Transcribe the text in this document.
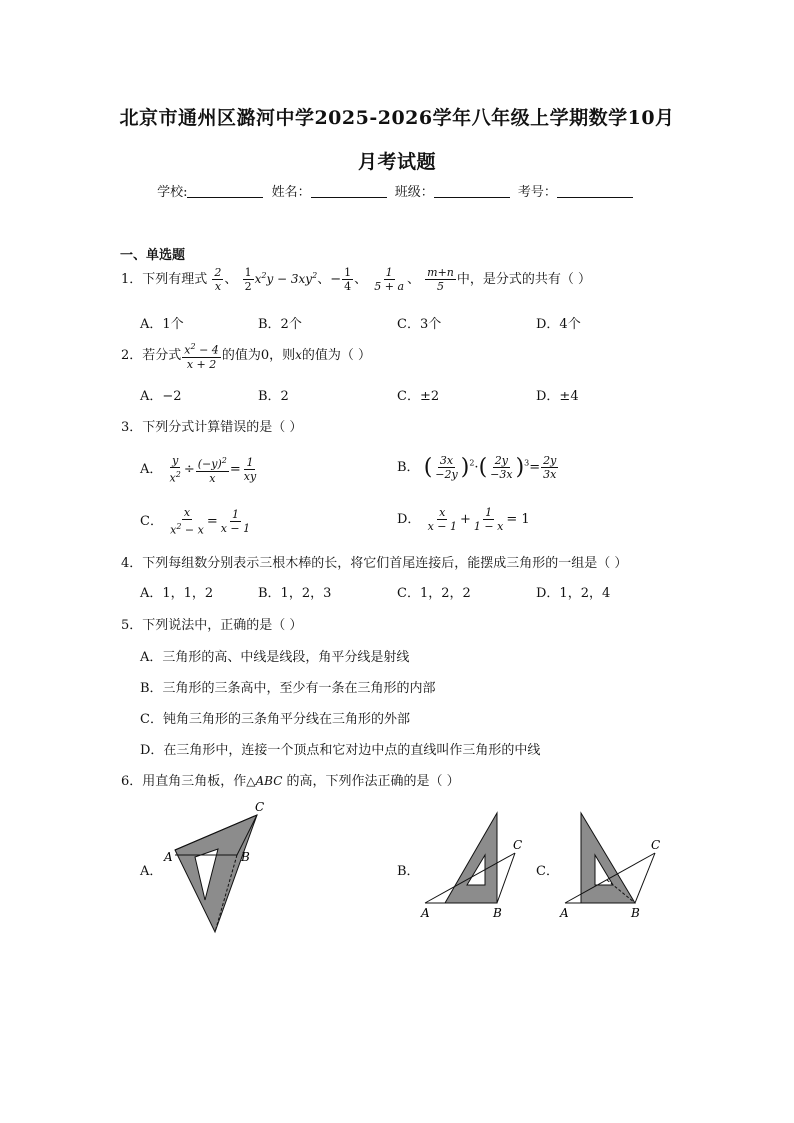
北京市通州区潞河中学2025-2026学年八年级上学期数学10月
月考试题
学校:	姓名：	班级：	考号：
一、单选题
1．下列有理式 $\frac{2}{x}$ 、 $\frac{1}{2} x^2y - 3xy^2$、− $\frac{1}{4}$ 、 $\frac{1}{5 + a}$ 、 $\frac{m+n}{5}$ 中，是分式的共有（ ）
A．1个	B．2个	C．3个	D．4个
2．若分式 $\frac{x^2 - 4}{x + 2}$ 的值为0，则x的值为（ ）
A．−2	B．2	C．±2	D．±4
3．下列分式计算错误的是（ ）
A． $\frac{y}{x^2} \div \frac{(-y)^2}{x} = \frac{1}{xy}$	B． ( $\frac{3x}{-2y} )^2\cdot( \frac{2y}{-3x} )^3= \frac{2y}{3x}$
C． $\frac{x}{x^2 - x} = \frac{1}{x - 1}$	D． $\frac{x}{x - 1} + \frac{1}{1 - x} = 1$
4．下列每组数分别表示三根木棒的长，将它们首尾连接后，能摆成三角形的一组是（ ）
A．1，1，2	B．1，2，3	C．1，2，2	D．1，2，4
5．下列说法中，正确的是（ ）
A．三角形的高、中线是线段，角平分线是射线
B．三角形的三条高中，至少有一条在三角形的内部
C．钝角三角形的三条角平分线在三角形的外部
D．在三角形中，连接一个顶点和它对边中点的直线叫作三角形的中线
6．用直角三角板，作△ABC 的高，下列作法正确的是（ ）
A．	B．	C．
A	B
C
A	B
C
A	B
C
